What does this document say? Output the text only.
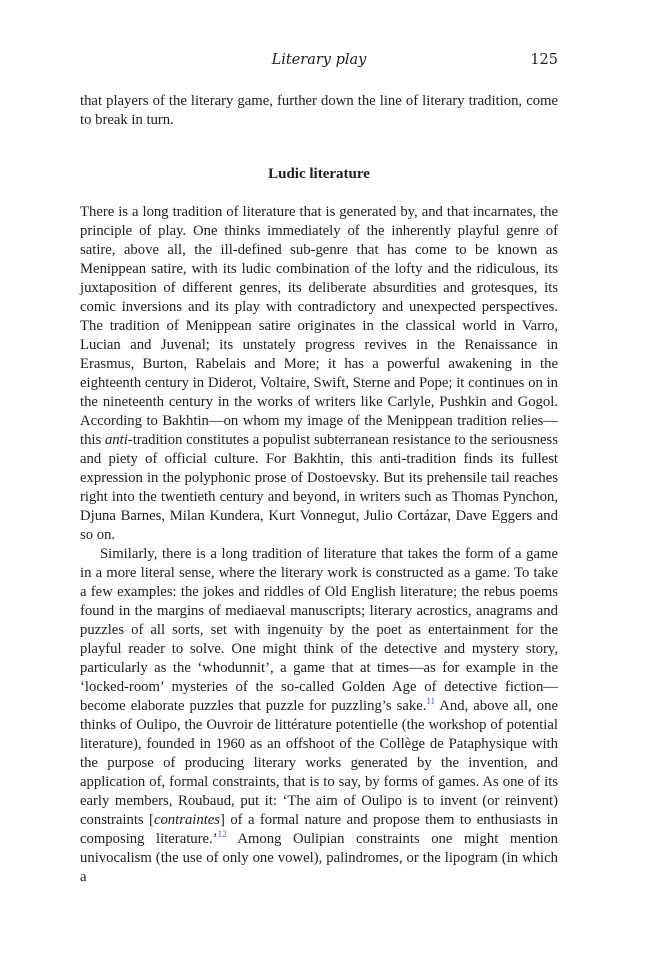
Literary play	125

that players of the literary game, further down the line of literary tradition, come to break in turn.

Ludic literature

There is a long tradition of literature that is generated by, and that incarnates, the principle of play. One thinks immediately of the inherently playful genre of satire, above all, the ill-defined sub-genre that has come to be known as Menippean satire, with its ludic combination of the lofty and the ridiculous, its juxtaposition of different genres, its deliberate absurdities and grotesques, its comic inversions and its play with contradictory and unexpected perspectives. The tradition of Menippean satire originates in the classical world in Varro, Lucian and Juvenal; its unstately progress revives in the Renaissance in Erasmus, Burton, Rabelais and More; it has a powerful awakening in the eighteenth century in Diderot, Voltaire, Swift, Sterne and Pope; it continues on in the nineteenth century in the works of writers like Carlyle, Pushkin and Gogol. According to Bakhtin—on whom my image of the Menippean tradition relies—this anti-tradition constitutes a populist subterranean resistance to the seriousness and piety of official culture. For Bakhtin, this anti-tradition finds its fullest expression in the polyphonic prose of Dostoevsky. But its prehensile tail reaches right into the twentieth century and beyond, in writers such as Thomas Pynchon, Djuna Barnes, Milan Kundera, Kurt Vonnegut, Julio Cortázar, Dave Eggers and so on.

Similarly, there is a long tradition of literature that takes the form of a game in a more literal sense, where the literary work is constructed as a game. To take a few examples: the jokes and riddles of Old English literature; the rebus poems found in the margins of mediaeval manuscripts; literary acrostics, anagrams and puzzles of all sorts, set with ingenuity by the poet as entertainment for the playful reader to solve. One might think of the detective and mystery story, particularly as the ‘whodunnit’, a game that at times—as for example in the ‘locked-room’ mysteries of the so-called Golden Age of detective fiction—become elaborate puzzles that puzzle for puzzling’s sake.$^{11}$ And, above all, one thinks of Oulipo, the Ouvroir de littérature potentielle (the workshop of potential literature), founded in 1960 as an offshoot of the Collège de Pataphysique with the purpose of producing literary works generated by the invention, and application of, formal constraints, that is to say, by forms of games. As one of its early members, Roubaud, put it: ‘The aim of Oulipo is to invent (or reinvent) constraints [contraintes] of a formal nature and propose them to enthusiasts in composing literature.’$^{12}$ Among Oulipian constraints one might mention univocalism (the use of only one vowel), palindromes, or the lipogram (in which a
